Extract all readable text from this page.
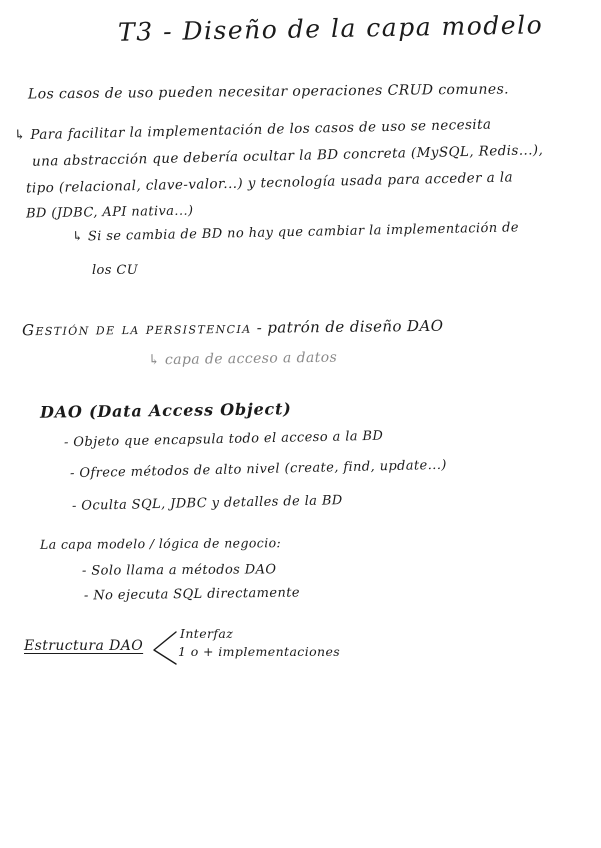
T3 - Diseño de la capa modelo
Los casos de uso pueden necesitar operaciones CRUD comunes.
↳ Para facilitar la implementación de los casos de uso se necesita
una abstracción que debería ocultar la BD concreta (MySQL, Redis...),
tipo (relacional, clave-valor...) y tecnología usada para acceder a la
BD (JDBC, API nativa...)
↳ Si se cambia de BD no hay que cambiar la implementación de
los CU
Gestión de la persistencia - patrón de diseño DAO
↳ capa de acceso a datos
DAO (Data Access Object)
- Objeto que encapsula todo el acceso a la BD
- Ofrece métodos de alto nivel (create, find, update...)
- Oculta SQL, JDBC y detalles de la BD
La capa modelo / lógica de negocio:
- Solo llama a métodos DAO
- No ejecuta SQL directamente
Estructura DAO
Interfaz
1 o + implementaciones
